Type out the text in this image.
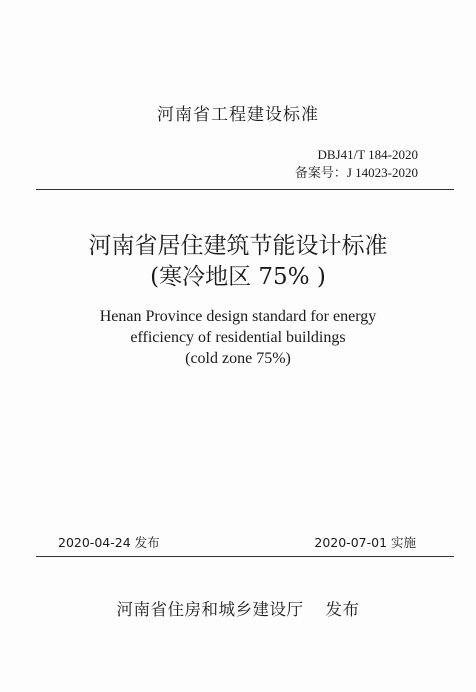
河南省工程建设标准
DBJ41/T 184-2020
备案号：J 14023-2020
河南省居住建筑节能设计标准
(寒冷地区 75% )
Henan Province design standard for energy
efficiency of residential buildings
(cold zone 75%)
2020-04-24 发布	2020-07-01 实施
河南省住房和城乡建设厅 发布
